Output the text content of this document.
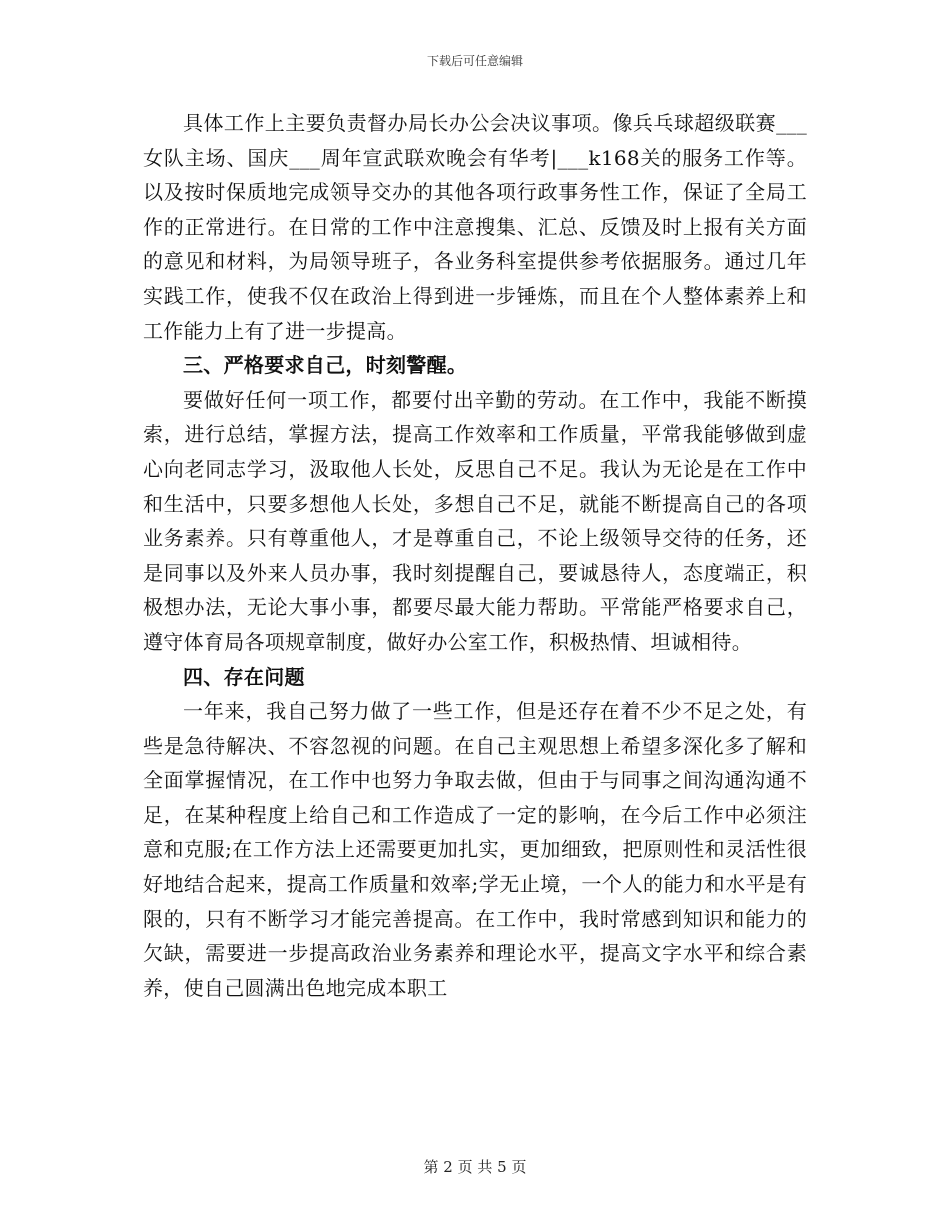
下载后可任意编辑

具体工作上主要负责督办局长办公会决议事项。像兵乓球超级联赛___女队主场、国庆___周年宣武联欢晚会有华考|___k168关的服务工作等。以及按时保质地完成领导交办的其他各项行政事务性工作，保证了全局工作的正常进行。在日常的工作中注意搜集、汇总、反馈及时上报有关方面的意见和材料，为局领导班子，各业务科室提供参考依据服务。通过几年实践工作，使我不仅在政治上得到进一步锤炼，而且在个人整体素养上和工作能力上有了进一步提高。

三、严格要求自己，时刻警醒。

要做好任何一项工作，都要付出辛勤的劳动。在工作中，我能不断摸索，进行总结，掌握方法，提高工作效率和工作质量，平常我能够做到虚心向老同志学习，汲取他人长处，反思自己不足。我认为无论是在工作中和生活中，只要多想他人长处，多想自己不足，就能不断提高自己的各项业务素养。只有尊重他人，才是尊重自己，不论上级领导交待的任务，还是同事以及外来人员办事，我时刻提醒自己，要诚恳待人，态度端正，积极想办法，无论大事小事，都要尽最大能力帮助。平常能严格要求自己，遵守体育局各项规章制度，做好办公室工作，积极热情、坦诚相待。

四、存在问题

一年来，我自己努力做了一些工作，但是还存在着不少不足之处，有些是急待解决、不容忽视的问题。在自己主观思想上希望多深化多了解和全面掌握情况，在工作中也努力争取去做，但由于与同事之间沟通沟通不足，在某种程度上给自己和工作造成了一定的影响，在今后工作中必须注意和克服;在工作方法上还需要更加扎实，更加细致，把原则性和灵活性很好地结合起来，提高工作质量和效率;学无止境，一个人的能力和水平是有限的，只有不断学习才能完善提高。在工作中，我时常感到知识和能力的欠缺，需要进一步提高政治业务素养和理论水平，提高文字水平和综合素养，使自己圆满出色地完成本职工

第 2 页 共 5 页
